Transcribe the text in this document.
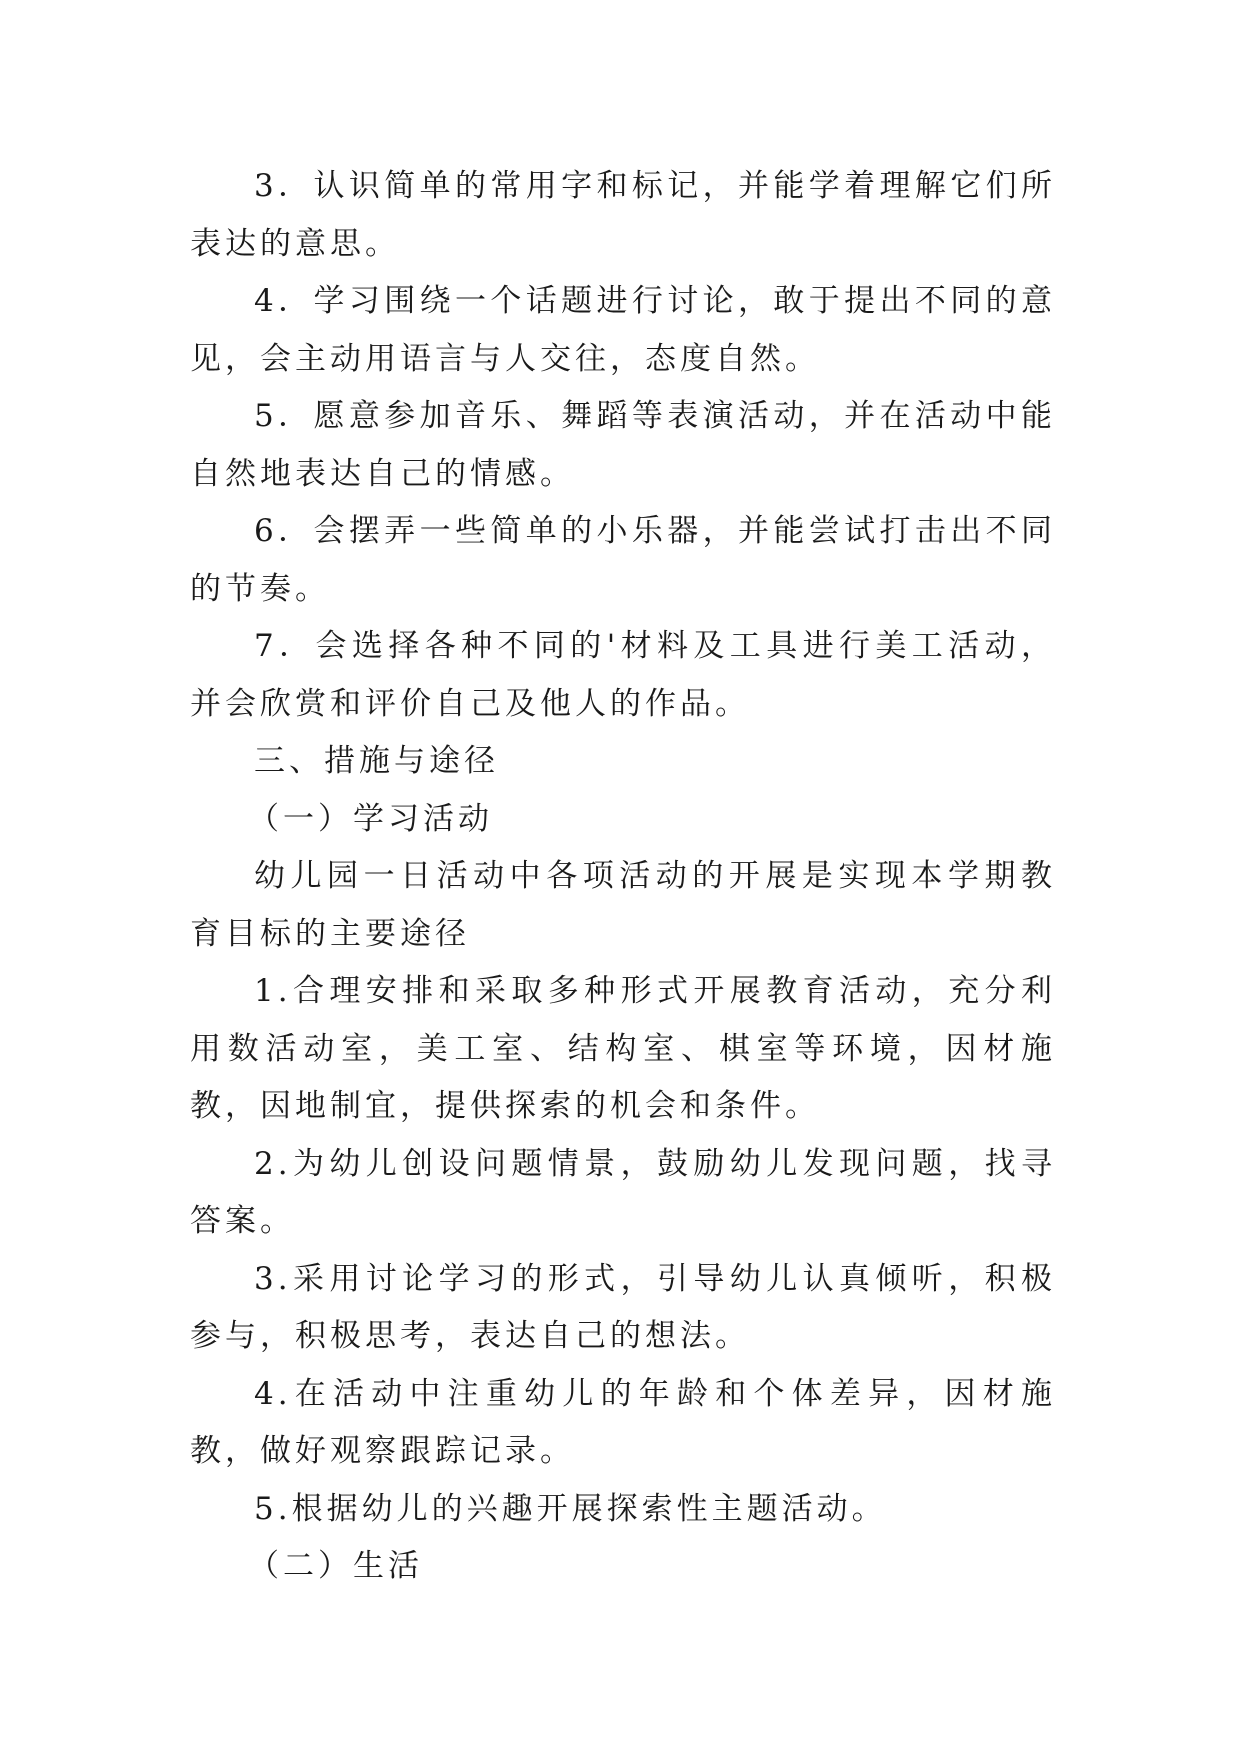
3．认识简单的常用字和标记，并能学着理解它们所表达的意思。

4．学习围绕一个话题进行讨论，敢于提出不同的意见，会主动用语言与人交往，态度自然。

5．愿意参加音乐、舞蹈等表演活动，并在活动中能自然地表达自己的情感。

6．会摆弄一些简单的小乐器，并能尝试打击出不同的节奏。

7．会选择各种不同的'材料及工具进行美工活动，并会欣赏和评价自己及他人的作品。

三、措施与途径

（一）学习活动

幼儿园一日活动中各项活动的开展是实现本学期教育目标的主要途径

1.合理安排和采取多种形式开展教育活动，充分利用数活动室，美工室、结构室、棋室等环境，因材施教，因地制宜，提供探索的机会和条件。

2.为幼儿创设问题情景，鼓励幼儿发现问题，找寻答案。

3.采用讨论学习的形式，引导幼儿认真倾听，积极参与，积极思考，表达自己的想法。

4.在活动中注重幼儿的年龄和个体差异，因材施教，做好观察跟踪记录。

5.根据幼儿的兴趣开展探索性主题活动。

（二）生活
